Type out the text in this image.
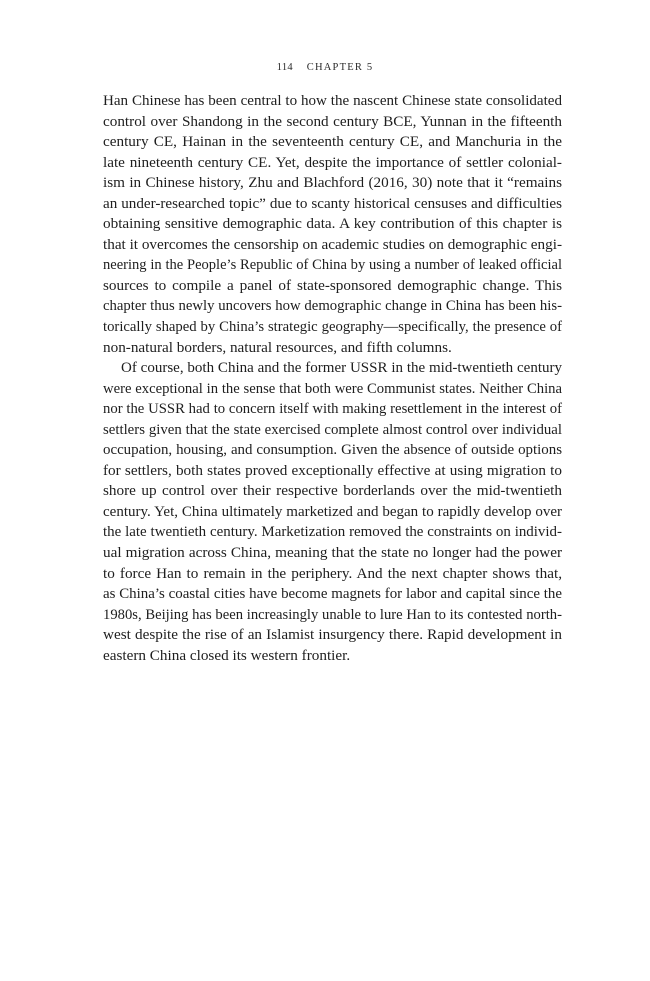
114 CHAPTER 5
Han Chinese has been central to how the nascent Chinese state consolidated
control over Shandong in the second century BCE, Yunnan in the fifteenth
century CE, Hainan in the seventeenth century CE, and Manchuria in the
late nineteenth century CE. Yet, despite the importance of settler colonial-
ism in Chinese history, Zhu and Blachford (2016, 30) note that it “remains
an under-researched topic” due to scanty historical censuses and difficulties
obtaining sensitive demographic data. A key contribution of this chapter is
that it overcomes the censorship on academic studies on demographic engi-
neering in the People’s Republic of China by using a number of leaked official
sources to compile a panel of state-sponsored demographic change. This
chapter thus newly uncovers how demographic change in China has been his-
torically shaped by China’s strategic geography—specifically, the presence of
non-natural borders, natural resources, and fifth columns.
Of course, both China and the former USSR in the mid-twentieth century
were exceptional in the sense that both were Communist states. Neither China
nor the USSR had to concern itself with making resettlement in the interest of
settlers given that the state exercised complete almost control over individual
occupation, housing, and consumption. Given the absence of outside options
for settlers, both states proved exceptionally effective at using migration to
shore up control over their respective borderlands over the mid-twentieth
century. Yet, China ultimately marketized and began to rapidly develop over
the late twentieth century. Marketization removed the constraints on individ-
ual migration across China, meaning that the state no longer had the power
to force Han to remain in the periphery. And the next chapter shows that,
as China’s coastal cities have become magnets for labor and capital since the
1980s, Beijing has been increasingly unable to lure Han to its contested north-
west despite the rise of an Islamist insurgency there. Rapid development in
eastern China closed its western frontier.
